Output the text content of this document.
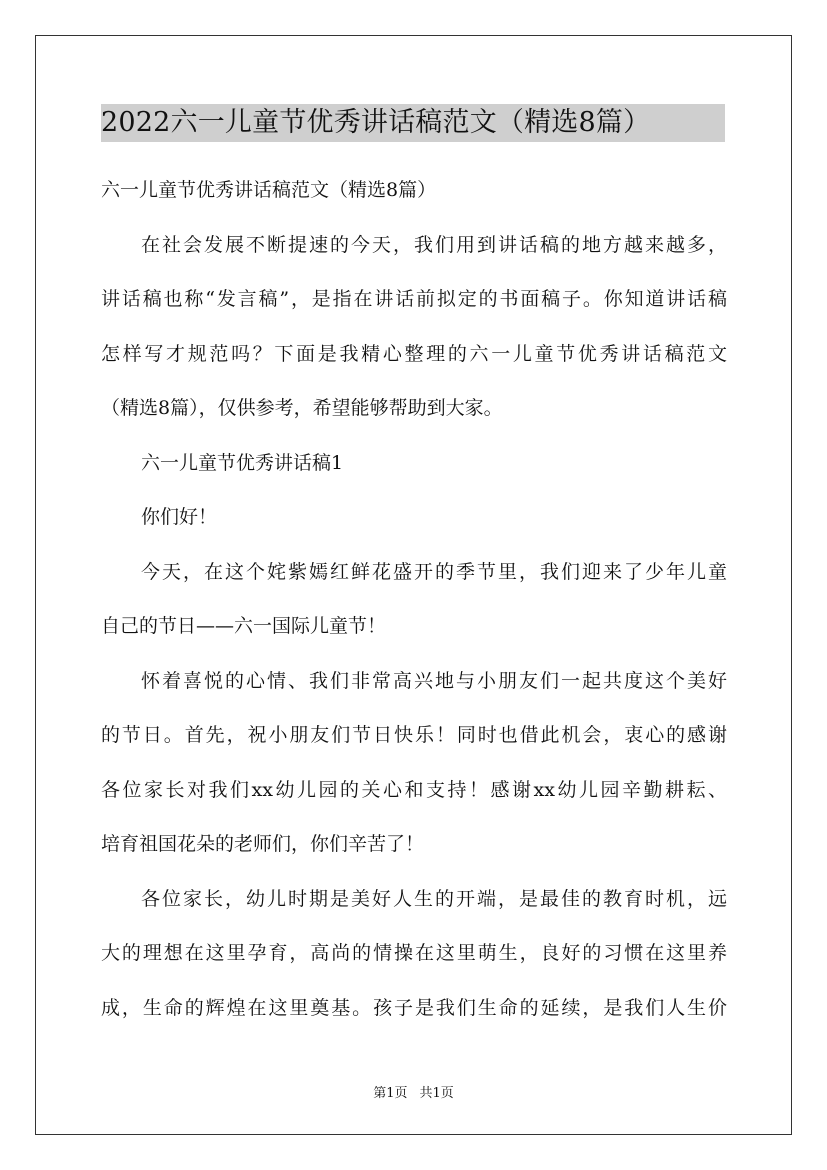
2022六一儿童节优秀讲话稿范文（精选8篇）
六一儿童节优秀讲话稿范文（精选8篇）
在社会发展不断提速的今天，我们用到讲话稿的地方越来越多，
讲话稿也称“发言稿”，是指在讲话前拟定的书面稿子。你知道讲话稿
怎样写才规范吗？下面是我精心整理的六一儿童节优秀讲话稿范文
（精选8篇），仅供参考，希望能够帮助到大家。
六一儿童节优秀讲话稿1
你们好！
今天，在这个姹紫嫣红鲜花盛开的季节里，我们迎来了少年儿童
自己的节日——六一国际儿童节！
怀着喜悦的心情、我们非常高兴地与小朋友们一起共度这个美好
的节日。首先，祝小朋友们节日快乐！同时也借此机会，衷心的感谢
各位家长对我们xx幼儿园的关心和支持！感谢xx幼儿园辛勤耕耘、
培育祖国花朵的老师们，你们辛苦了！
各位家长，幼儿时期是美好人生的开端，是最佳的教育时机，远
大的理想在这里孕育，高尚的情操在这里萌生，良好的习惯在这里养
成，生命的辉煌在这里奠基。孩子是我们生命的延续，是我们人生价
第1页 共1页
